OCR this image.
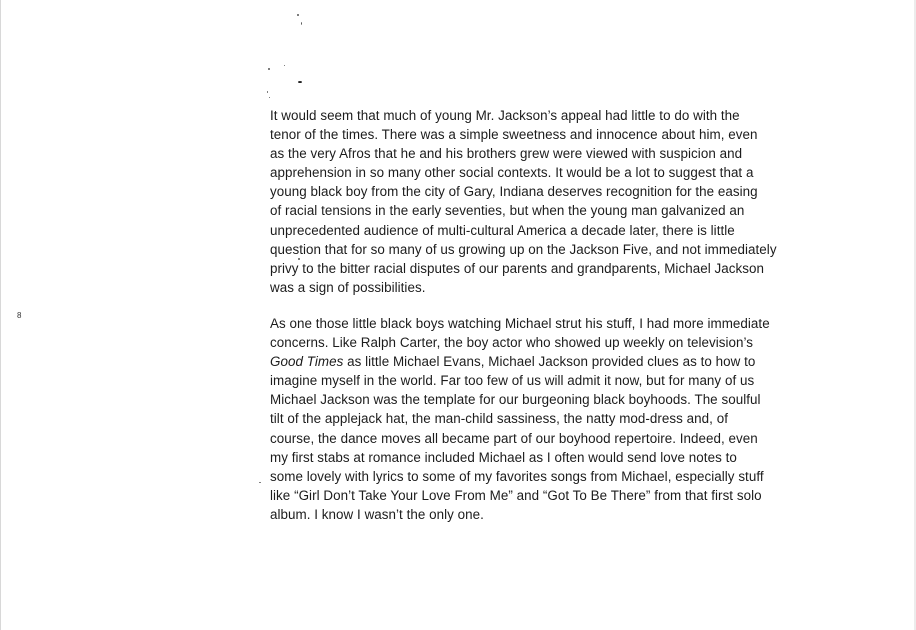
8

It would seem that much of young Mr. Jackson’s appeal had little to do with the
tenor of the times. There was a simple sweetness and innocence about him, even
as the very Afros that he and his brothers grew were viewed with suspicion and
apprehension in so many other social contexts. It would be a lot to suggest that a
young black boy from the city of Gary, Indiana deserves recognition for the easing
of racial tensions in the early seventies, but when the young man galvanized an
unprecedented audience of multi-cultural America a decade later, there is little
question that for so many of us growing up on the Jackson Five, and not immediately
privy to the bitter racial disputes of our parents and grandparents, Michael Jackson
was a sign of possibilities.

As one those little black boys watching Michael strut his stuff, I had more immediate
concerns. Like Ralph Carter, the boy actor who showed up weekly on television’s
Good Times as little Michael Evans, Michael Jackson provided clues as to how to
imagine myself in the world. Far too few of us will admit it now, but for many of us
Michael Jackson was the template for our burgeoning black boyhoods. The soulful
tilt of the applejack hat, the man-child sassiness, the natty mod-dress and, of
course, the dance moves all became part of our boyhood repertoire. Indeed, even
my first stabs at romance included Michael as I often would send love notes to
some lovely with lyrics to some of my favorites songs from Michael, especially stuff
like “Girl Don’t Take Your Love From Me” and “Got To Be There” from that first solo
album. I know I wasn’t the only one.
